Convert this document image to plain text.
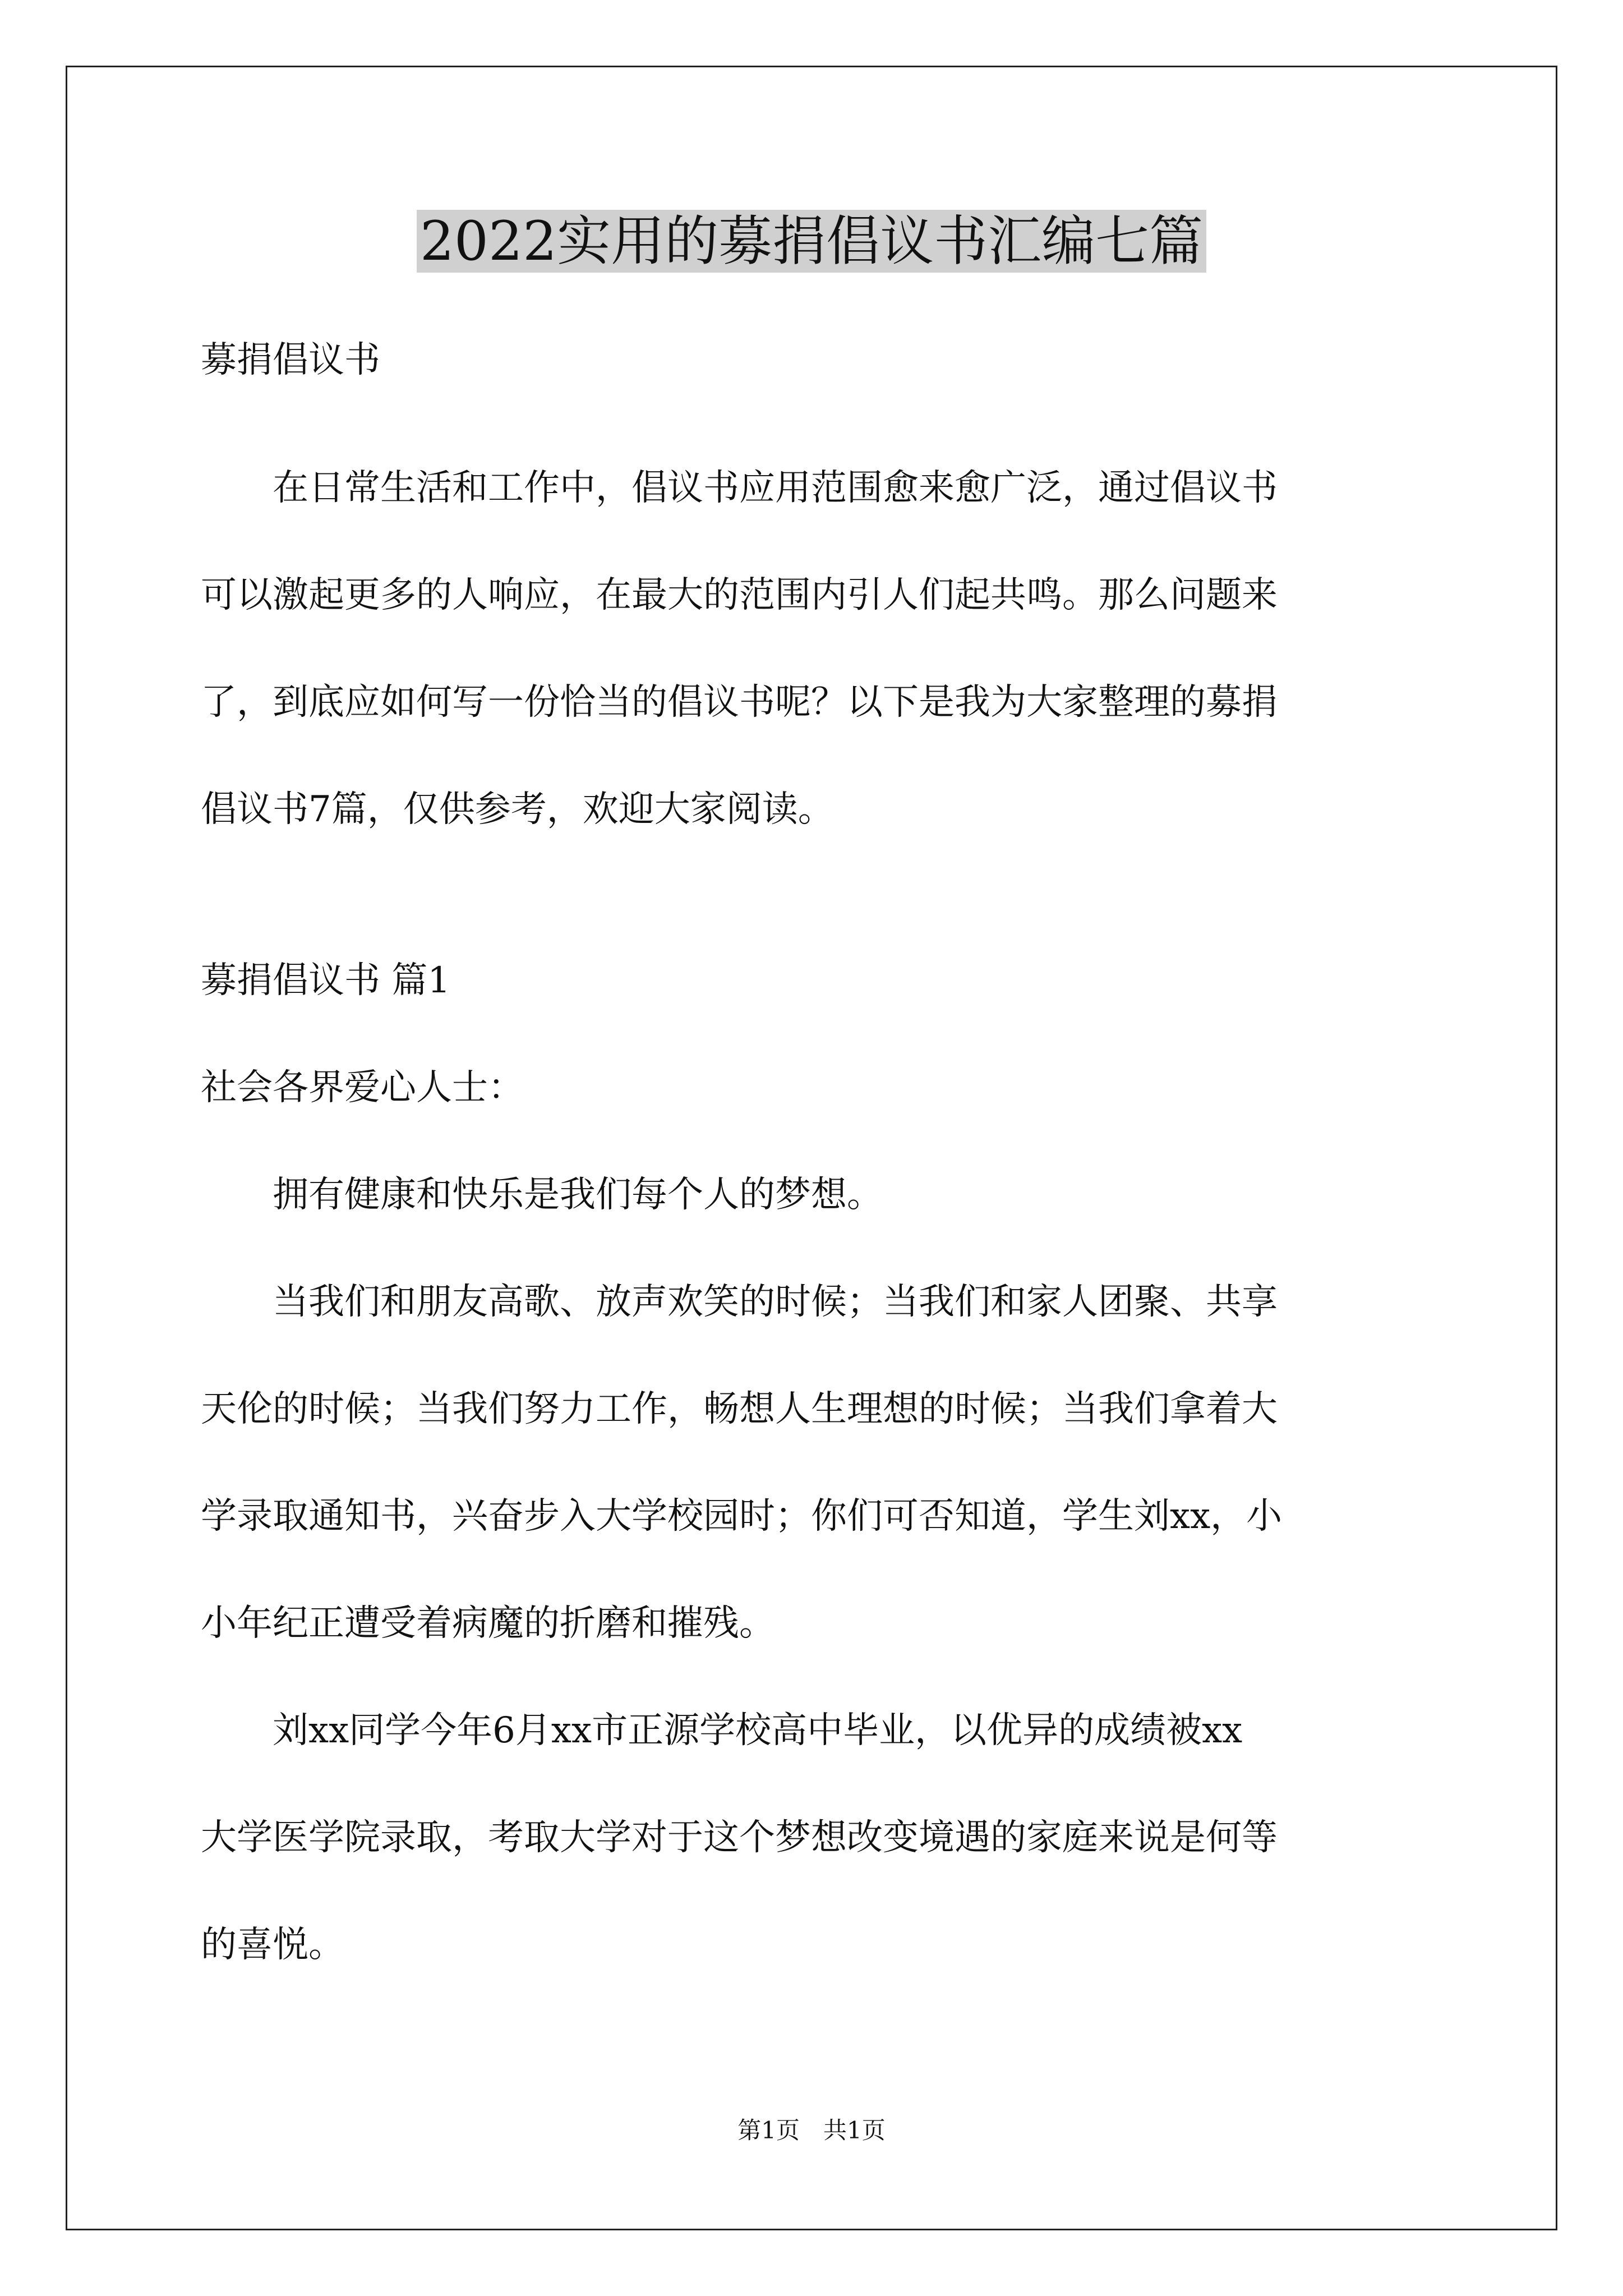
2022实用的募捐倡议书汇编七篇
募捐倡议书
在日常生活和工作中，倡议书应用范围愈来愈广泛，通过倡议书
可以激起更多的人响应，在最大的范围内引人们起共鸣。那么问题来
了，到底应如何写一份恰当的倡议书呢？以下是我为大家整理的募捐
倡议书7篇，仅供参考，欢迎大家阅读。
募捐倡议书 篇1
社会各界爱心人士：
拥有健康和快乐是我们每个人的梦想。
当我们和朋友高歌、放声欢笑的时候；当我们和家人团聚、共享
天伦的时候；当我们努力工作，畅想人生理想的时候；当我们拿着大
学录取通知书，兴奋步入大学校园时；你们可否知道，学生刘xx，小
小年纪正遭受着病魔的折磨和摧残。
刘xx同学今年6月xx市正源学校高中毕业，以优异的成绩被xx
大学医学院录取，考取大学对于这个梦想改变境遇的家庭来说是何等
的喜悦。
第1页　共1页
